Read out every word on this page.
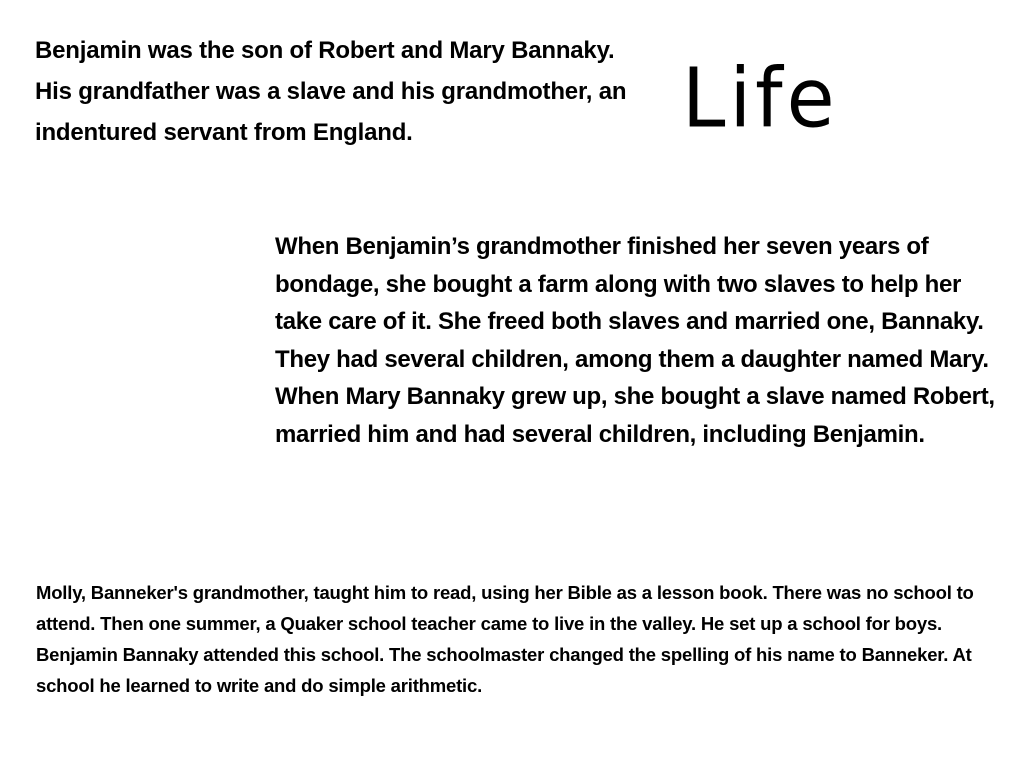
Benjamin was the son of Robert and Mary Bannaky. His grandfather was a slave and his grandmother, an indentured servant from England.	Life

When Benjamin’s grandmother finished her seven years of bondage, she bought a farm along with two slaves to help her take care of it. She freed both slaves and married one, Bannaky. They had several children, among them a daughter named Mary. When Mary Bannaky grew up, she bought a slave named Robert, married him and had several children, including Benjamin.

Molly, Banneker's grandmother, taught him to read, using her Bible as a lesson book. There was no school to attend. Then one summer, a Quaker school teacher came to live in the valley. He set up a school for boys. Benjamin Bannaky attended this school. The schoolmaster changed the spelling of his name to Banneker. At school he learned to write and do simple arithmetic.
